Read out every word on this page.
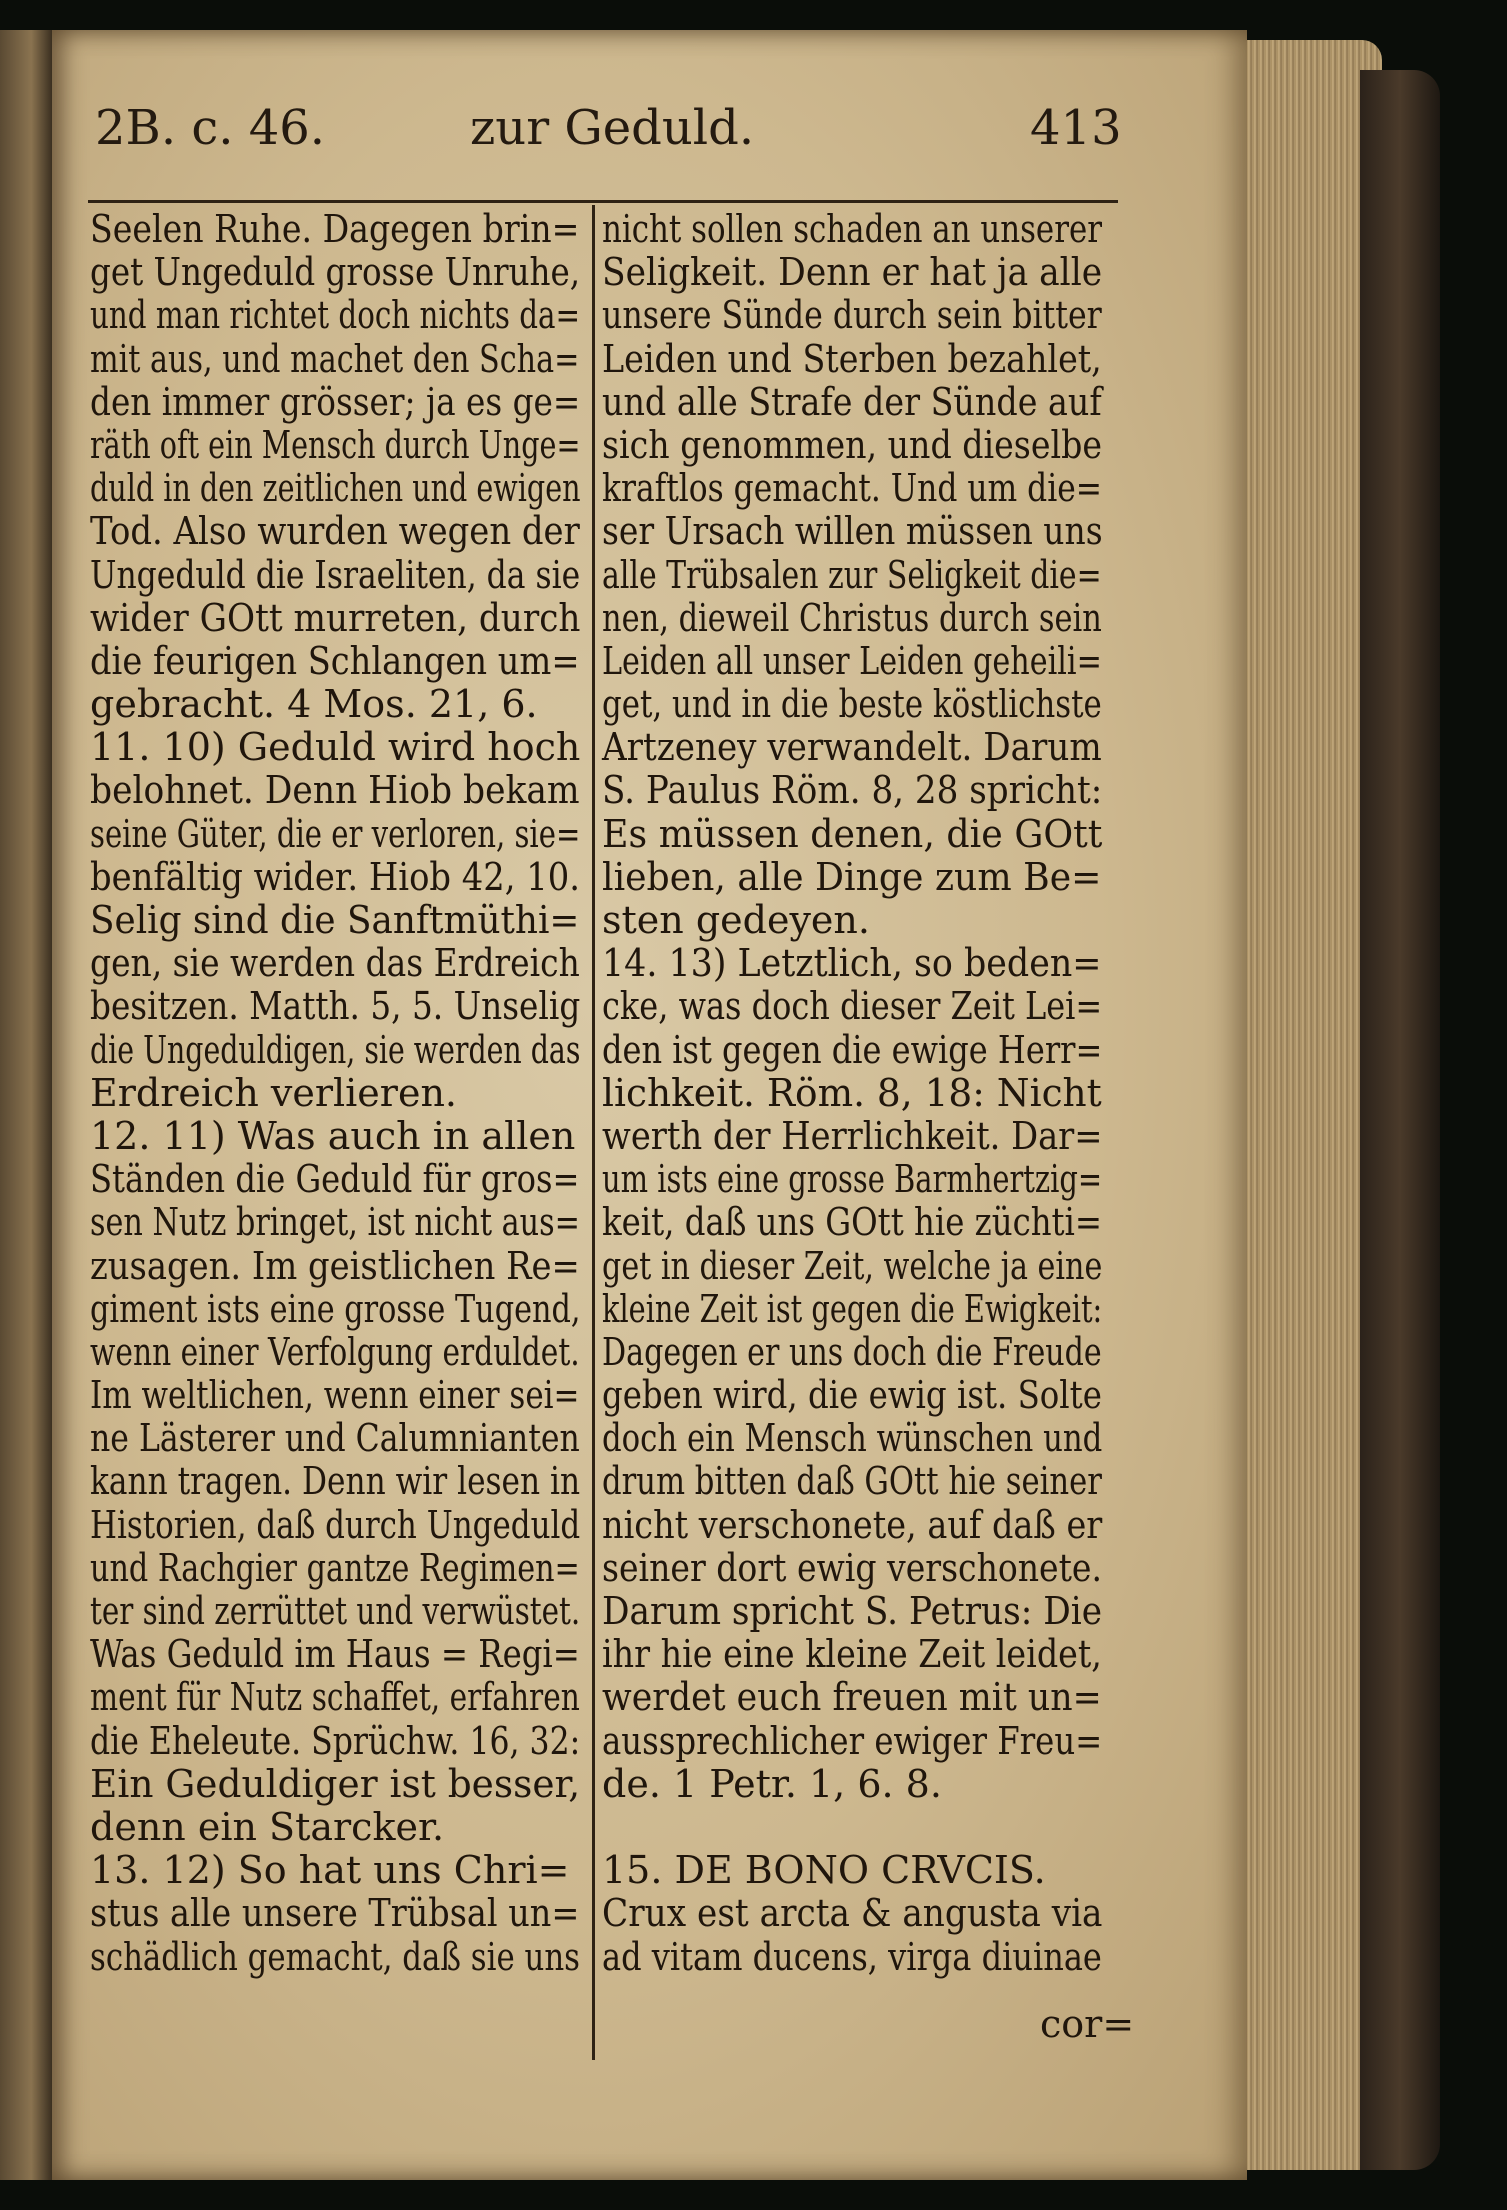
2B. c. 46.	zur Geduld.	413
Seelen Ruhe. Dagegen brin=
get Ungeduld grosse Unruhe,
und man richtet doch nichts da=
mit aus, und machet den Scha=
den immer grösser; ja es ge=
räth oft ein Mensch durch Unge=
duld in den zeitlichen und ewigen
Tod. Also wurden wegen der
Ungeduld die Israeliten, da sie
wider GOtt murreten, durch
die feurigen Schlangen um=
gebracht. 4 Mos. 21, 6.
11. 10) Geduld wird hoch
belohnet. Denn Hiob bekam
seine Güter, die er verloren, sie=
benfältig wider. Hiob 42, 10.
Selig sind die Sanftmüthi=
gen, sie werden das Erdreich
besitzen. Matth. 5, 5. Unselig
die Ungeduldigen, sie werden das
Erdreich verlieren.
12. 11) Was auch in allen
Ständen die Geduld für gros=
sen Nutz bringet, ist nicht aus=
zusagen. Im geistlichen Re=
giment ists eine grosse Tugend,
wenn einer Verfolgung erduldet.
Im weltlichen, wenn einer sei=
ne Lästerer und Calumnianten
kann tragen. Denn wir lesen in
Historien, daß durch Ungeduld
und Rachgier gantze Regimen=
ter sind zerrüttet und verwüstet.
Was Geduld im Haus = Regi=
ment für Nutz schaffet, erfahren
die Eheleute. Sprüchw. 16, 32:
Ein Geduldiger ist besser,
denn ein Starcker.
13. 12) So hat uns Chri=
stus alle unsere Trübsal un=
schädlich gemacht, daß sie uns
nicht sollen schaden an unserer
Seligkeit. Denn er hat ja alle
unsere Sünde durch sein bitter
Leiden und Sterben bezahlet,
und alle Strafe der Sünde auf
sich genommen, und dieselbe
kraftlos gemacht. Und um die=
ser Ursach willen müssen uns
alle Trübsalen zur Seligkeit die=
nen, dieweil Christus durch sein
Leiden all unser Leiden geheili=
get, und in die beste köstlichste
Artzeney verwandelt. Darum
S. Paulus Röm. 8, 28 spricht:
Es müssen denen, die GOtt
lieben, alle Dinge zum Be=
sten gedeyen.
14. 13) Letztlich, so beden=
cke, was doch dieser Zeit Lei=
den ist gegen die ewige Herr=
lichkeit. Röm. 8, 18: Nicht
werth der Herrlichkeit. Dar=
um ists eine grosse Barmhertzig=
keit, daß uns GOtt hie züchti=
get in dieser Zeit, welche ja eine
kleine Zeit ist gegen die Ewigkeit:
Dagegen er uns doch die Freude
geben wird, die ewig ist. Solte
doch ein Mensch wünschen und
drum bitten daß GOtt hie seiner
nicht verschonete, auf daß er
seiner dort ewig verschonete.
Darum spricht S. Petrus: Die
ihr hie eine kleine Zeit leidet,
werdet euch freuen mit un=
aussprechlicher ewiger Freu=
de. 1 Petr. 1, 6. 8.
15. DE BONO CRVCIS.
Crux est arcta & angusta via
ad vitam ducens, virga diuinae
cor=
